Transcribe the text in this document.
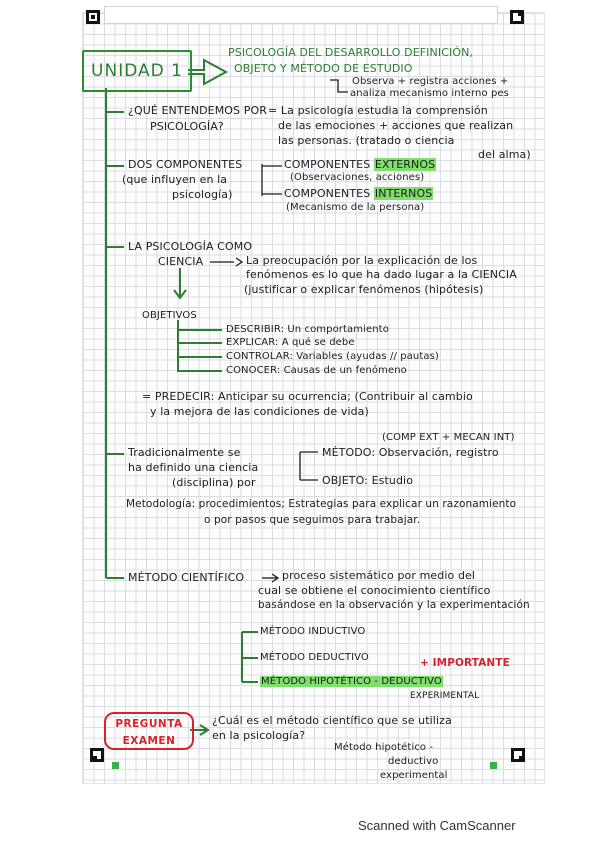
UNIDAD 1
PSICOLOGÍA DEL DESARROLLO DEFINICIÓN,
OBJETO Y MÉTODO DE ESTUDIO
Observa + registra acciones +
analiza mecanismo interno pes
¿QUÉ ENTENDEMOS POR
PSICOLOGÍA?
= La psicología estudia la comprensión
de las emociones + acciones que realizan
las personas. (tratado o ciencia
del alma)
DOS COMPONENTES
(que influyen en la
psicología)
COMPONENTES EXTERNOS
(Observaciones, acciones)
COMPONENTES INTERNOS
(Mecanismo de la persona)
LA PSICOLOGÍA COMO
CIENCIA	La preocupación por la explicación de los
fenómenos es lo que ha dado lugar a la CIENCIA
(justificar o explicar fenómenos (hipótesis)
OBJETIVOS
DESCRIBIR: Un comportamiento
EXPLICAR: A qué se debe
CONTROLAR: Variables (ayudas // pautas)
CONOCER: Causas de un fenómeno
= PREDECIR: Anticipar su ocurrencia; (Contribuir al cambio
y la mejora de las condiciones de vida)
(COMP EXT + MECAN INT)
Tradicionalmente se
ha definido una ciencia
(disciplina) por
MÉTODO: Observación, registro
OBJETO: Estudio
Metodología: procedimientos; Estrategias para explicar un razonamiento
o por pasos que seguimos para trabajar.
MÉTODO CIENTÍFICO	proceso sistemático por medio del
cual se obtiene el conocimiento científico
basándose en la observación y la experimentación
MÉTODO INDUCTIVO
MÉTODO DEDUCTIVO	+ IMPORTANTE
MÉTODO HIPOTÉTICO - DEDUCTIVO
EXPERIMENTAL
PREGUNTA
EXAMEN
¿Cuál es el método científico que se utiliza
en la psicología?
Método hipotético -
deductivo
experimental
Scanned with CamScanner
